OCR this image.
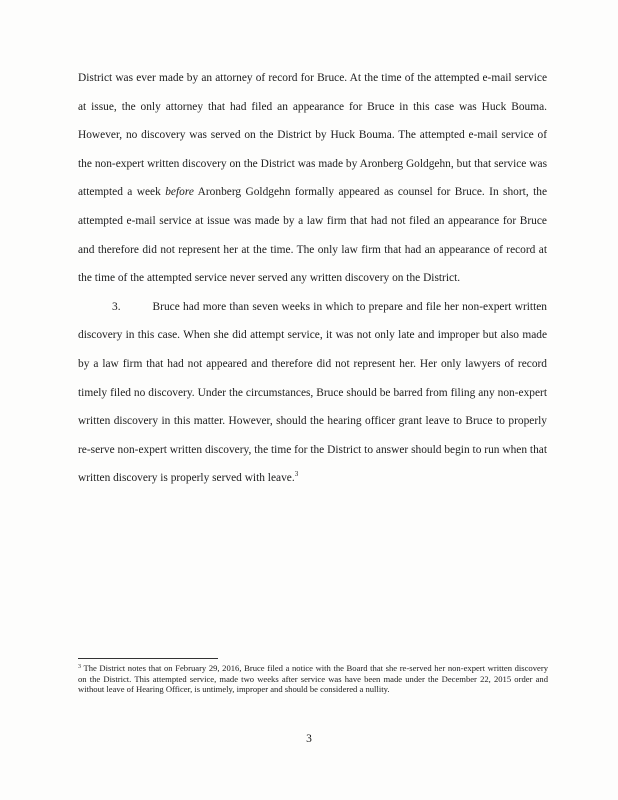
District was ever made by an attorney of record for Bruce. At the time of the attempted e-mail service at issue, the only attorney that had filed an appearance for Bruce in this case was Huck Bouma. However, no discovery was served on the District by Huck Bouma. The attempted e-mail service of the non-expert written discovery on the District was made by Aronberg Goldgehn, but that service was attempted a week before Aronberg Goldgehn formally appeared as counsel for Bruce. In short, the attempted e-mail service at issue was made by a law firm that had not filed an appearance for Bruce and therefore did not represent her at the time. The only law firm that had an appearance of record at the time of the attempted service never served any written discovery on the District.

3.	Bruce had more than seven weeks in which to prepare and file her non-expert written discovery in this case. When she did attempt service, it was not only late and improper but also made by a law firm that had not appeared and therefore did not represent her. Her only lawyers of record timely filed no discovery. Under the circumstances, Bruce should be barred from filing any non-expert written discovery in this matter. However, should the hearing officer grant leave to Bruce to properly re-serve non-expert written discovery, the time for the District to answer should begin to run when that written discovery is properly served with leave.$^3$

$^3$ The District notes that on February 29, 2016, Bruce filed a notice with the Board that she re-served her non-expert written discovery on the District. This attempted service, made two weeks after service was have been made under the December 22, 2015 order and without leave of Hearing Officer, is untimely, improper and should be considered a nullity.
3
